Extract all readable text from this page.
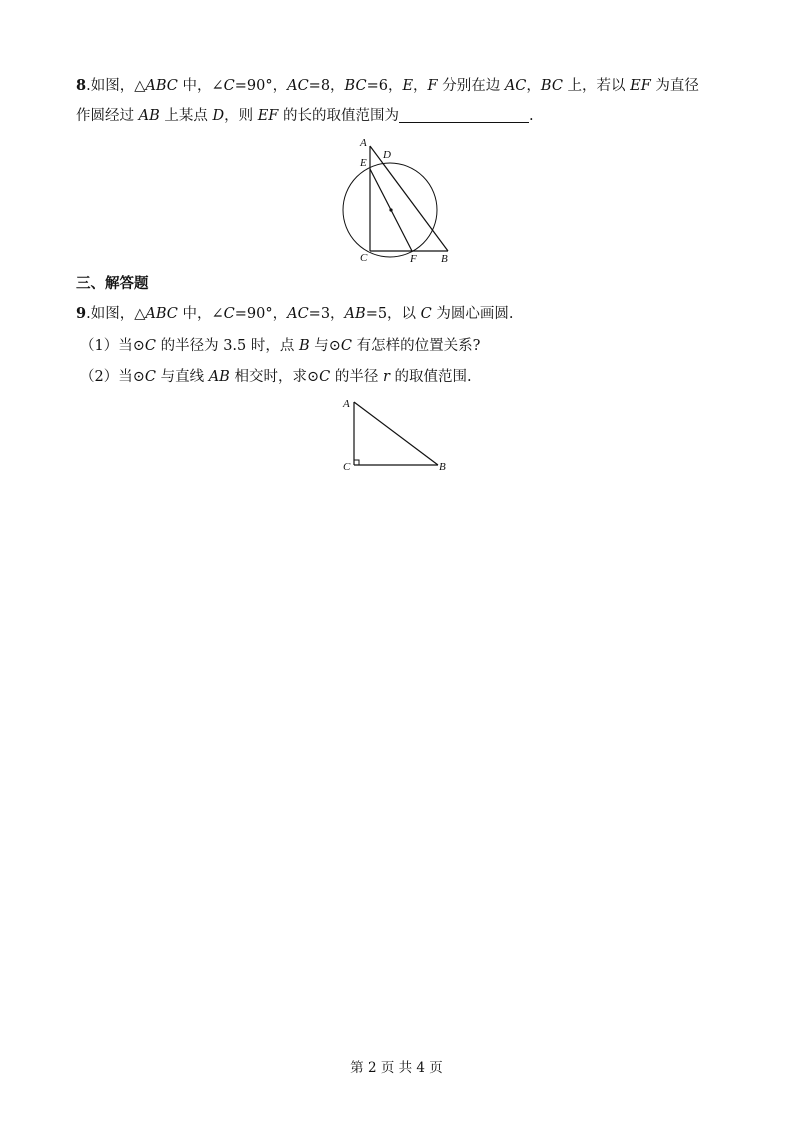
8.如图，△ABC 中，∠C=90°，AC=8，BC=6，E，F 分别在边 AC，BC 上，若以 EF 为直径
作圆经过 AB 上某点 D，则 EF 的长的取值范围为	.
A
D
E
C	F B
三、解答题
9.如图，△ABC 中，∠C=90°，AC=3，AB=5，以 C 为圆心画圆.
（1）当⊙C 的半径为 3.5 时，点 B 与⊙C 有怎样的位置关系?
（2）当⊙C 与直线 AB 相交时，求⊙C 的半径 r 的取值范围.
A
C	B
第 2 页 共 4 页
